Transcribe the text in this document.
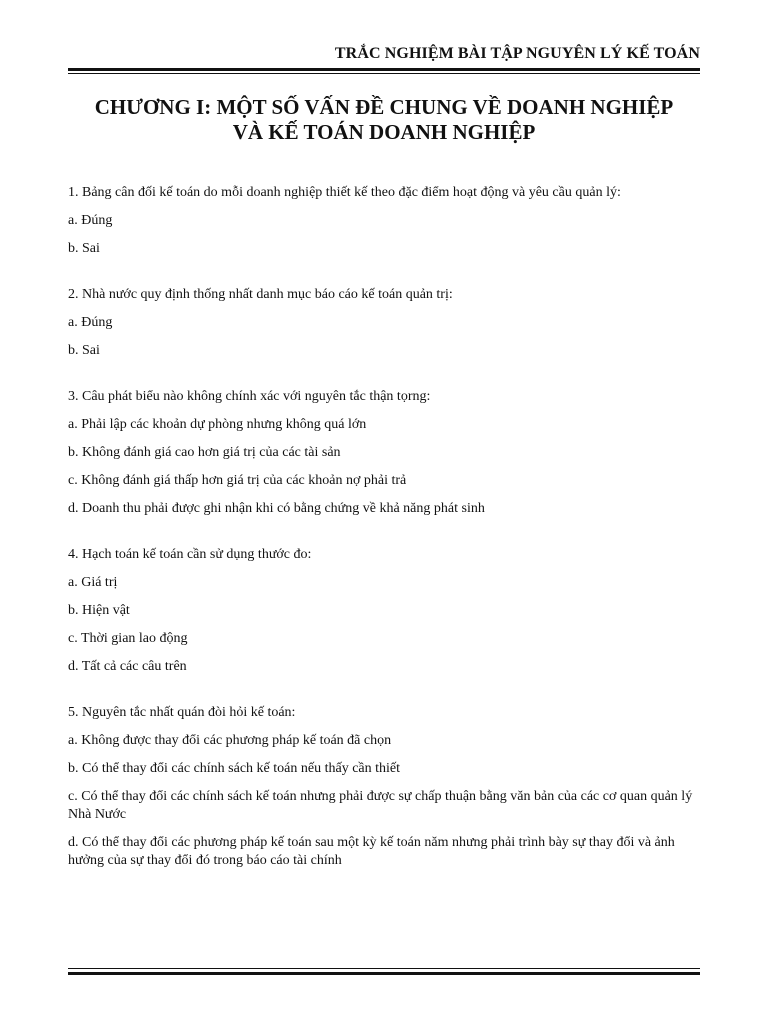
TRẮC NGHIỆM BÀI TẬP NGUYÊN LÝ KẾ TOÁN
CHƯƠNG I: MỘT SỐ VẤN ĐỀ CHUNG VỀ DOANH NGHIỆP
VÀ KẾ TOÁN DOANH NGHIỆP

1. Bảng cân đối kế toán do mỗi doanh nghiệp thiết kế theo đặc điểm hoạt động và yêu cầu quản lý:

a. Đúng

b. Sai

2. Nhà nước quy định thống nhất danh mục báo cáo kế toán quản trị:

a. Đúng

b. Sai

3. Câu phát biểu nào không chính xác với nguyên tắc thận tọrng:

a. Phải lập các khoản dự phòng nhưng không quá lớn

b. Không đánh giá cao hơn giá trị của các tài sản

c. Không đánh giá thấp hơn giá trị của các khoản nợ phải trả

d. Doanh thu phải được ghi nhận khi có bằng chứng về khả năng phát sinh

4. Hạch toán kế toán cần sử dụng thước đo:

a. Giá trị

b. Hiện vật

c. Thời gian lao động

d. Tất cả các câu trên

5. Nguyên tắc nhất quán đòi hỏi kế toán:

a. Không được thay đổi các phương pháp kế toán đã chọn

b. Có thể thay đổi các chính sách kế toán nếu thấy cần thiết

c. Có thể thay đổi các chính sách kế toán nhưng phải được sự chấp thuận bằng văn bản của các cơ quan quản lý Nhà Nước

d. Có thể thay đổi các phương pháp kế toán sau một kỳ kế toán năm nhưng phải trình bày sự thay đổi và ảnh hưởng của sự thay đổi đó trong báo cáo tài chính
